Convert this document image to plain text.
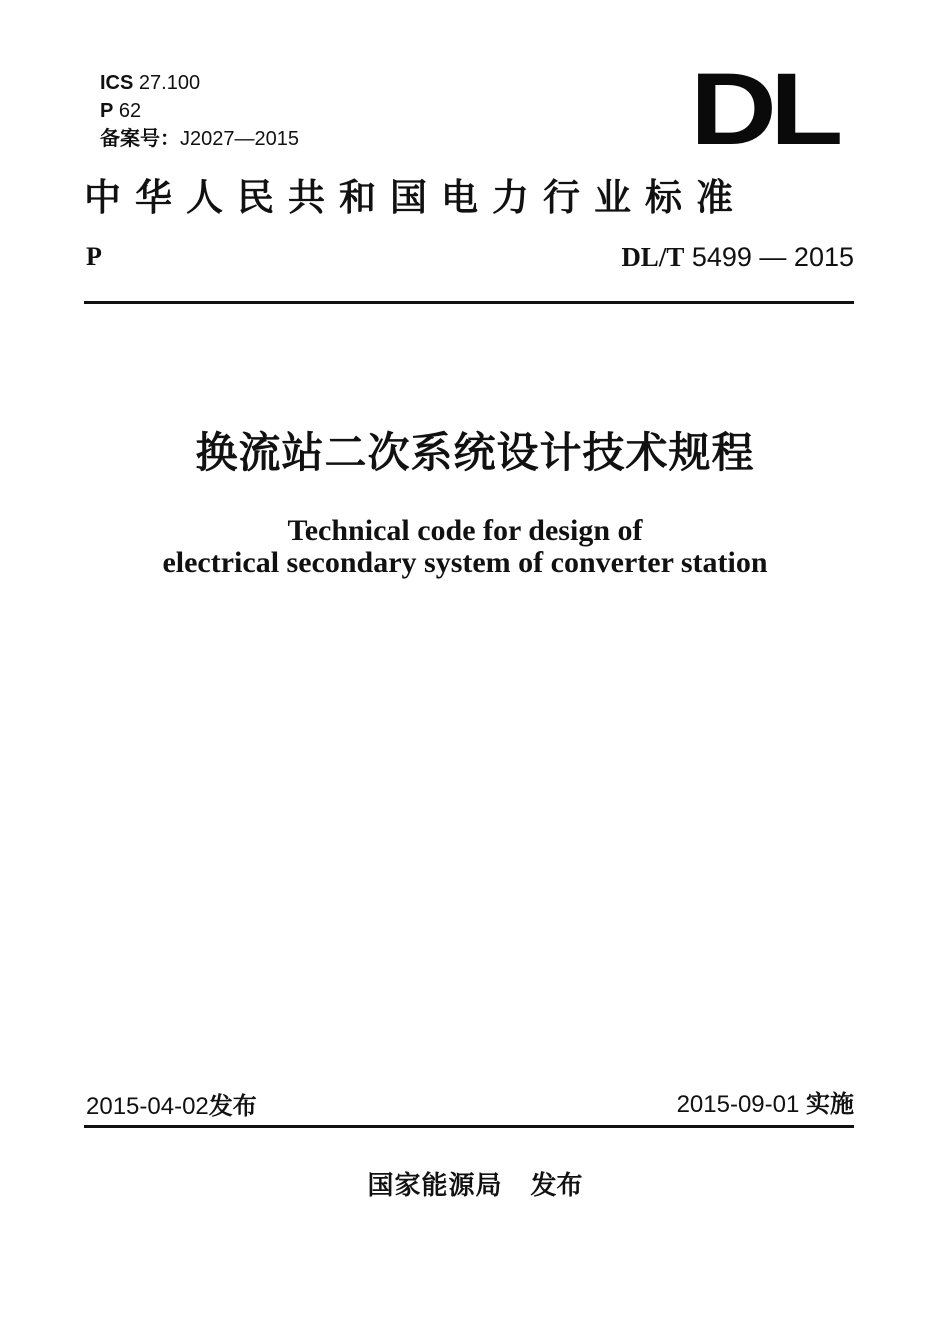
ICS 27.100
P 62
备案号：J2027—2015	DL
中华人民共和国电力行业标准
P	DL/T 5499 — 2015
换流站二次系统设计技术规程
Technical code for design of
electrical secondary system of converter station
2015-04-02发布	2015-09-01 实施
国家能源局 发布
